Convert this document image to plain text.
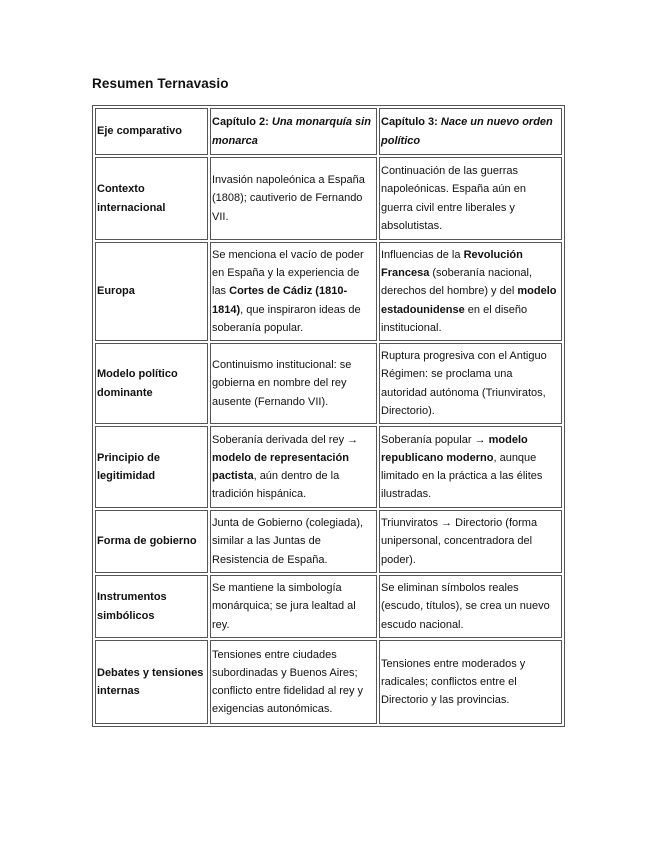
Resumen Ternavasio
Eje comparativo	Capítulo 2: Una monarquía sin monarca	Capítulo 3: Nace un nuevo orden político
Contexto internacional	Invasión napoleónica a España (1808); cautiverio de Fernando VII.	Continuación de las guerras napoleónicas. España aún en guerra civil entre liberales y absolutistas.
Europa	Se menciona el vacío de poder en España y la experiencia de las Cortes de Cádiz (1810-1814), que inspiraron ideas de soberanía popular.	Influencias de la Revolución Francesa (soberanía nacional, derechos del hombre) y del modelo estadounidense en el diseño institucional.
Modelo político dominante	Continuismo institucional: se gobierna en nombre del rey ausente (Fernando VII).	Ruptura progresiva con el Antiguo Régimen: se proclama una autoridad autónoma (Triunviratos, Directorio).
Principio de legitimidad	Soberanía derivada del rey → modelo de representación pactista, aún dentro de la tradición hispánica.	Soberanía popular → modelo republicano moderno, aunque limitado en la práctica a las élites ilustradas.
Forma de gobierno	Junta de Gobierno (colegiada), similar a las Juntas de Resistencia de España.	Triunviratos → Directorio (forma unipersonal, concentradora del poder).
Instrumentos simbólicos	Se mantiene la simbología monárquica; se jura lealtad al rey.	Se eliminan símbolos reales (escudo, títulos), se crea un nuevo escudo nacional.
Debates y tensiones internas	Tensiones entre ciudades subordinadas y Buenos Aires; conflicto entre fidelidad al rey y exigencias autonómicas.	Tensiones entre moderados y radicales; conflictos entre el Directorio y las provincias.
